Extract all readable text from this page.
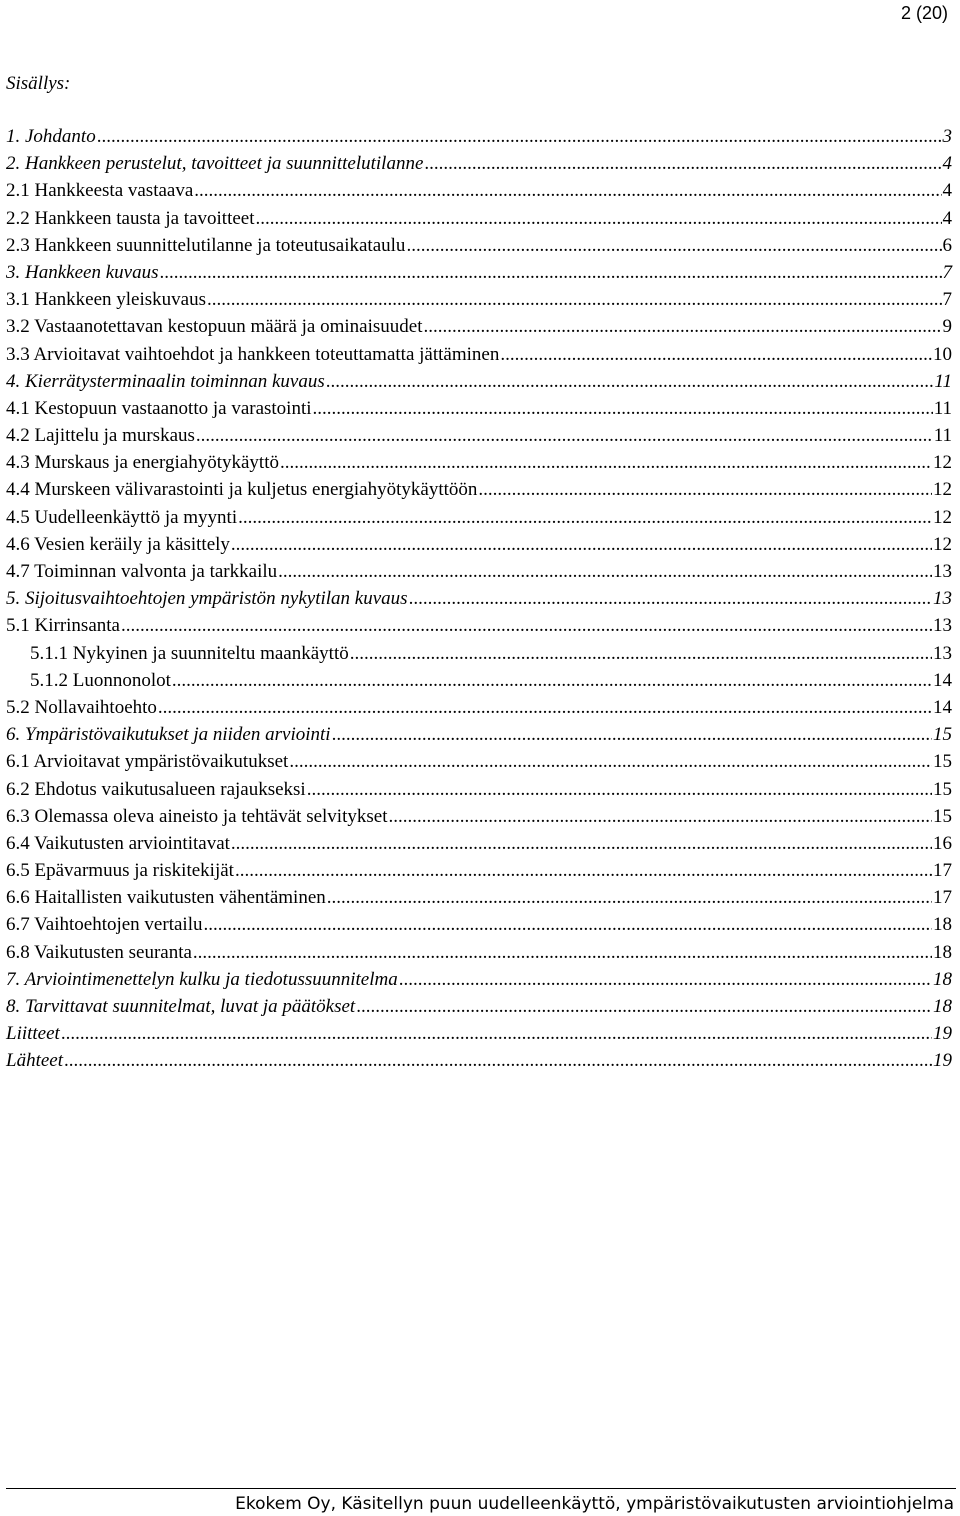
2 (20)
Sisällys:
1. Johdanto .....	3
2. Hankkeen perustelut, tavoitteet ja suunnittelutilanne .....	4
2.1 Hankkeesta vastaava .....	4
2.2 Hankkeen tausta ja tavoitteet .....	4
2.3 Hankkeen suunnittelutilanne ja toteutusaikataulu .....	6
3. Hankkeen kuvaus .....	7
3.1 Hankkeen yleiskuvaus .....	7
3.2 Vastaanotettavan kestopuun määrä ja ominaisuudet .....	9
3.3 Arvioitavat vaihtoehdot ja hankkeen toteuttamatta jättäminen .....	10
4. Kierrätysterminaalin toiminnan kuvaus .....	11
4.1 Kestopuun vastaanotto ja varastointi .....	11
4.2 Lajittelu ja murskaus .....	11
4.3 Murskaus ja energiahyötykäyttö .....	12
4.4 Murskeen välivarastointi ja kuljetus energiahyötykäyttöön .....	12
4.5 Uudelleenkäyttö ja myynti .....	12
4.6 Vesien keräily ja käsittely .....	12
4.7 Toiminnan valvonta ja tarkkailu .....	13
5. Sijoitusvaihtoehtojen ympäristön nykytilan kuvaus .....	13
5.1 Kirrinsanta .....	13
5.1.1 Nykyinen ja suunniteltu maankäyttö .....	13
5.1.2 Luonnonolot .....	14
5.2 Nollavaihtoehto .....	14
6. Ympäristövaikutukset ja niiden arviointi .....	15
6.1 Arvioitavat ympäristövaikutukset .....	15
6.2 Ehdotus vaikutusalueen rajaukseksi .....	15
6.3 Olemassa oleva aineisto ja tehtävät selvitykset .....	15
6.4 Vaikutusten arviointitavat .....	16
6.5 Epävarmuus ja riskitekijät .....	17
6.6 Haitallisten vaikutusten vähentäminen .....	17
6.7 Vaihtoehtojen vertailu .....	18
6.8 Vaikutusten seuranta .....	18
7. Arviointimenettelyn kulku ja tiedotussuunnitelma .....	18
8. Tarvittavat suunnitelmat, luvat ja päätökset .....	18
Liitteet .....	19
Lähteet .....	19
Ekokem Oy, Käsitellyn puun uudelleenkäyttö, ympäristövaikutusten arviointiohjelma
